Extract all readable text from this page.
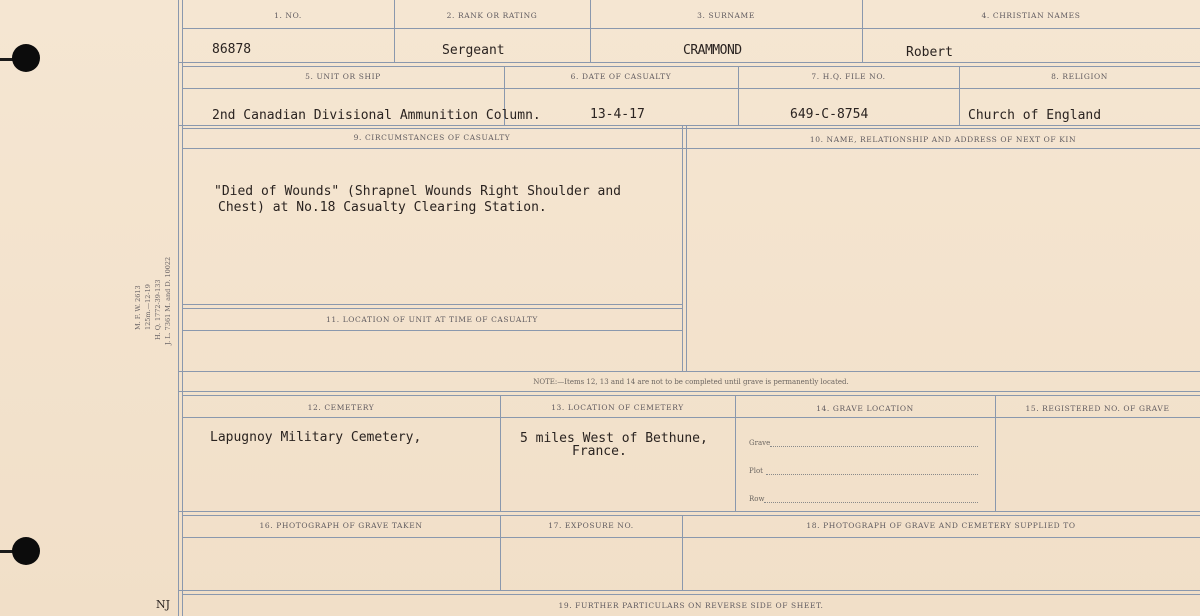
M. F. W. 2613 125m.—12-19 H. Q. 1772-39-133 J. L. 7361 M. and D. 10022
NJ
1. NO.	2. RANK OR RATING	3. SURNAME	4. CHRISTIAN NAMES
86878	Sergeant	CRAMMOND	Robert
5. UNIT OR SHIP	6. DATE OF CASUALTY	7. H.Q. FILE NO.	8. RELIGION
2nd Canadian Divisional Ammunition Column.	13-4-17	649-C-8754	Church of England
9. CIRCUMSTANCES OF CASUALTY	10. NAME, RELATIONSHIP AND ADDRESS OF NEXT OF KIN
"Died of Wounds" (Shrapnel Wounds Right Shoulder and
Chest) at No.18 Casualty Clearing Station.
11. LOCATION OF UNIT AT TIME OF CASUALTY
NOTE:—Items 12, 13 and 14 are not to be completed until grave is permanently located.
12. CEMETERY	13. LOCATION OF CEMETERY	14. GRAVE LOCATION	15. REGISTERED NO. OF GRAVE
Lapugnoy Military Cemetery,	5 miles West of Bethune,
France.
Grave
Plot
Row
16. PHOTOGRAPH OF GRAVE TAKEN	17. EXPOSURE NO.	18. PHOTOGRAPH OF GRAVE AND CEMETERY SUPPLIED TO
19. FURTHER PARTICULARS ON REVERSE SIDE OF SHEET.
